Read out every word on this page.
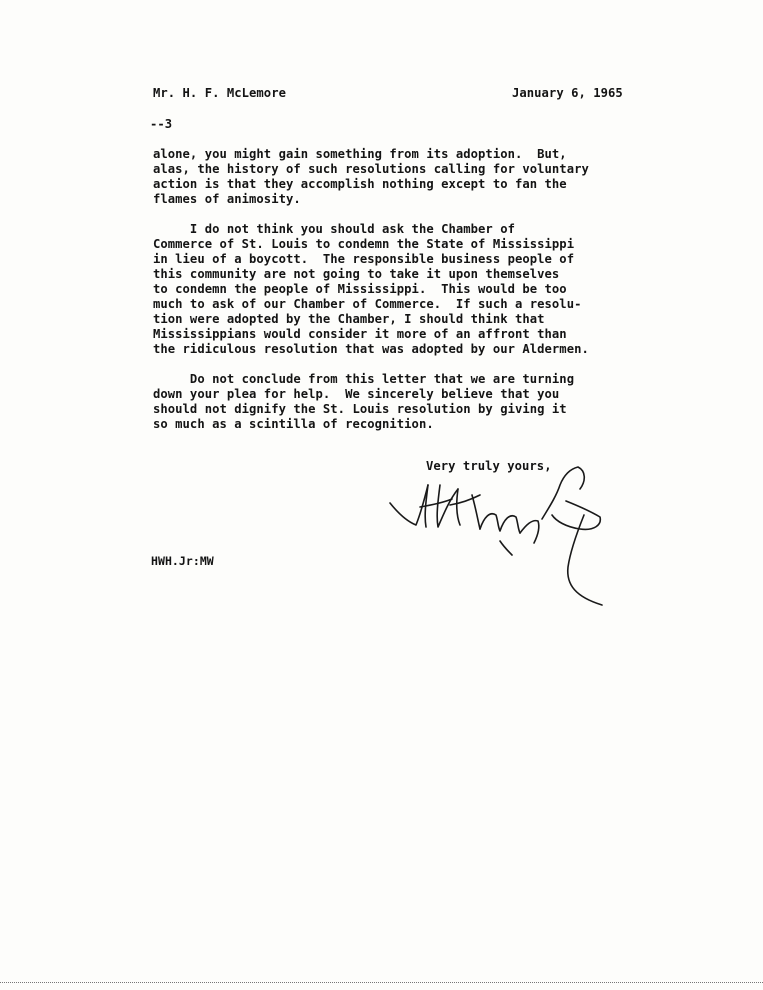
Mr. H. F. McLemore	January 6, 1965
--3
alone, you might gain something from its adoption.  But,
alas, the history of such resolutions calling for voluntary
action is that they accomplish nothing except to fan the
flames of animosity.
I do not think you should ask the Chamber of
Commerce of St. Louis to condemn the State of Mississippi
in lieu of a boycott.  The responsible business people of
this community are not going to take it upon themselves
to condemn the people of Mississippi.  This would be too
much to ask of our Chamber of Commerce.  If such a resolu-
tion were adopted by the Chamber, I should think that
Mississippians would consider it more of an affront than
the ridiculous resolution that was adopted by our Aldermen.
Do not conclude from this letter that we are turning
down your plea for help.  We sincerely believe that you
should not dignify the St. Louis resolution by giving it
so much as a scintilla of recognition.
Very truly yours,
HWH.Jr:MW
